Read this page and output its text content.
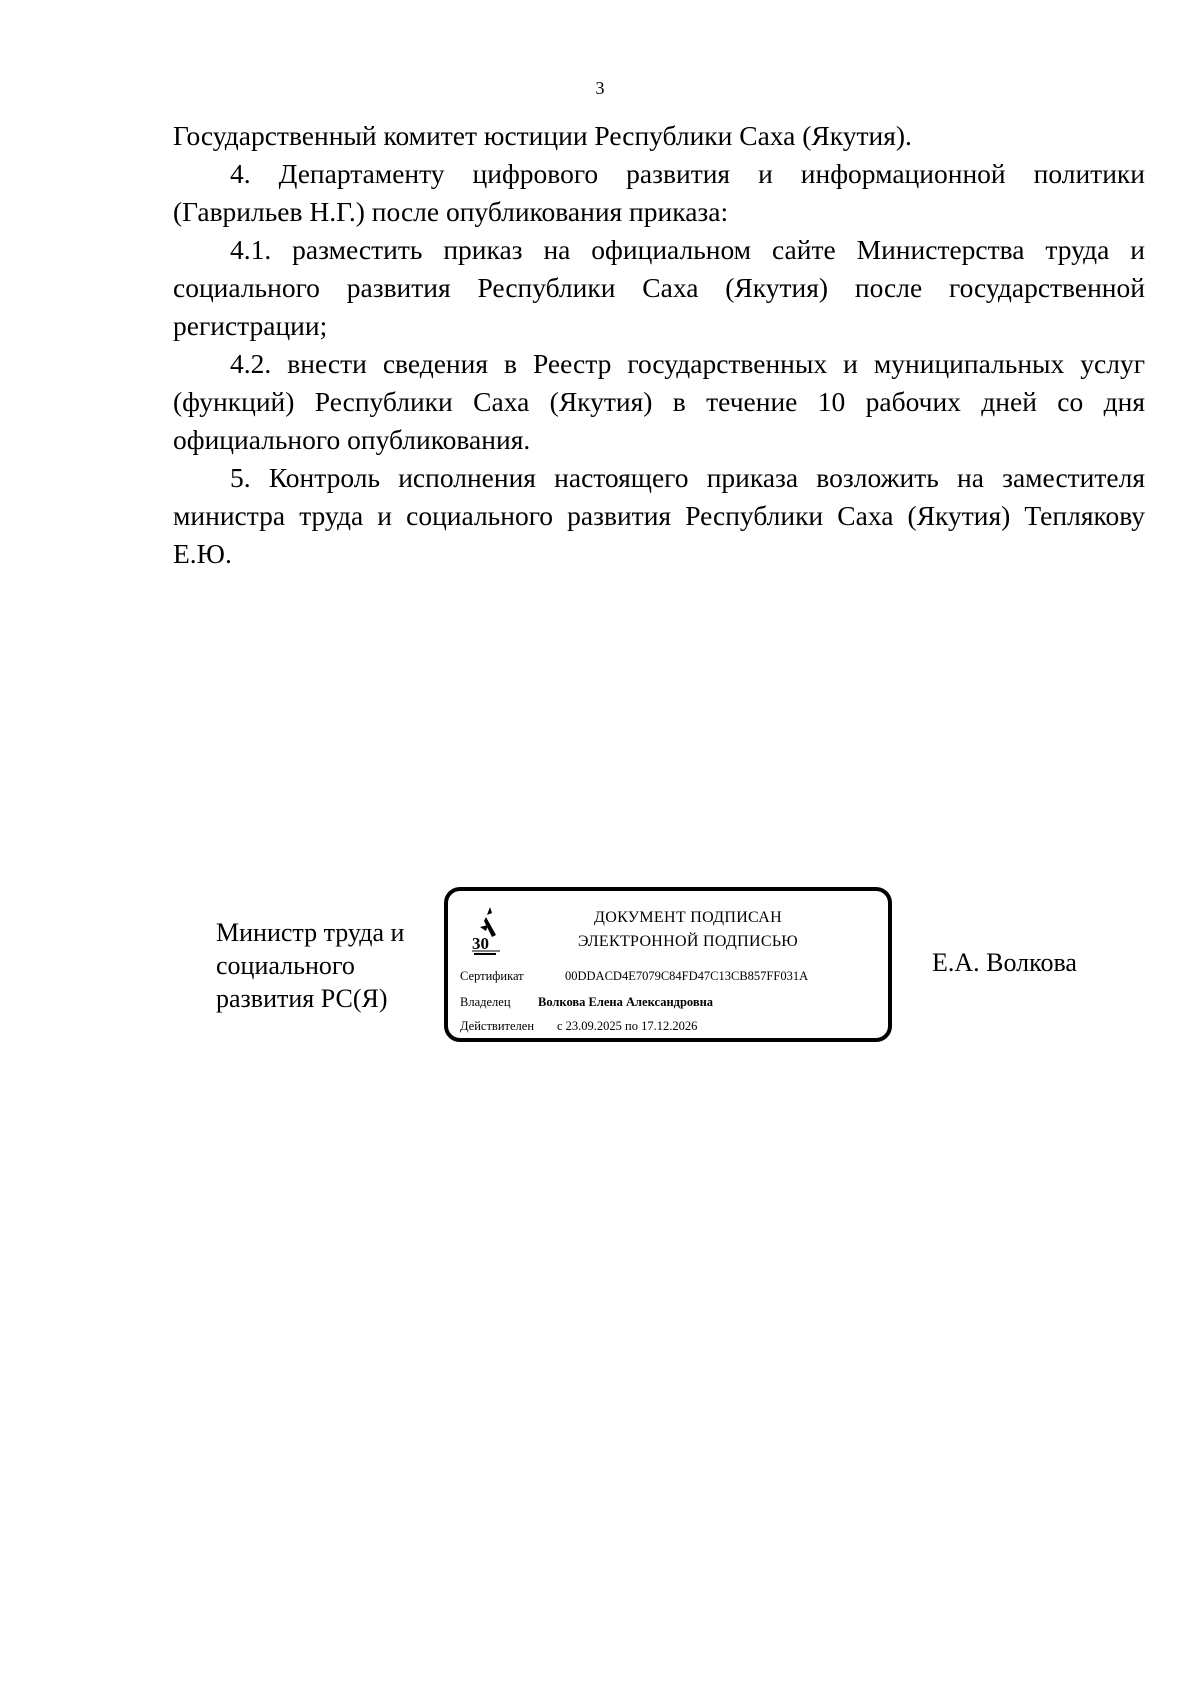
3

Государственный комитет юстиции Республики Саха (Якутия).

4. Департаменту цифрового развития и информационной политики (Гаврильев Н.Г.) после опубликования приказа:

4.1. разместить приказ на официальном сайте Министерства труда и социального развития Республики Саха (Якутия) после государственной регистрации;

4.2. внести сведения в Реестр государственных и муниципальных услуг (функций) Республики Саха (Якутия) в течение 10 рабочих дней со дня официального опубликования.

5. Контроль исполнения настоящего приказа возложить на заместителя министра труда и социального развития Республики Саха (Якутия) Теплякову Е.Ю.

Министр труда и
социального
развития РС(Я)
30
ДОКУМЕНТ ПОДПИСАН
ЭЛЕКТРОННОЙ ПОДПИСЬЮ
Сертификат	00DDACD4E7079C84FD47C13CB857FF031A
Владелец Волкова Елена Александровна
Действителен с 23.09.2025 по 17.12.2026
Е.А. Волкова
